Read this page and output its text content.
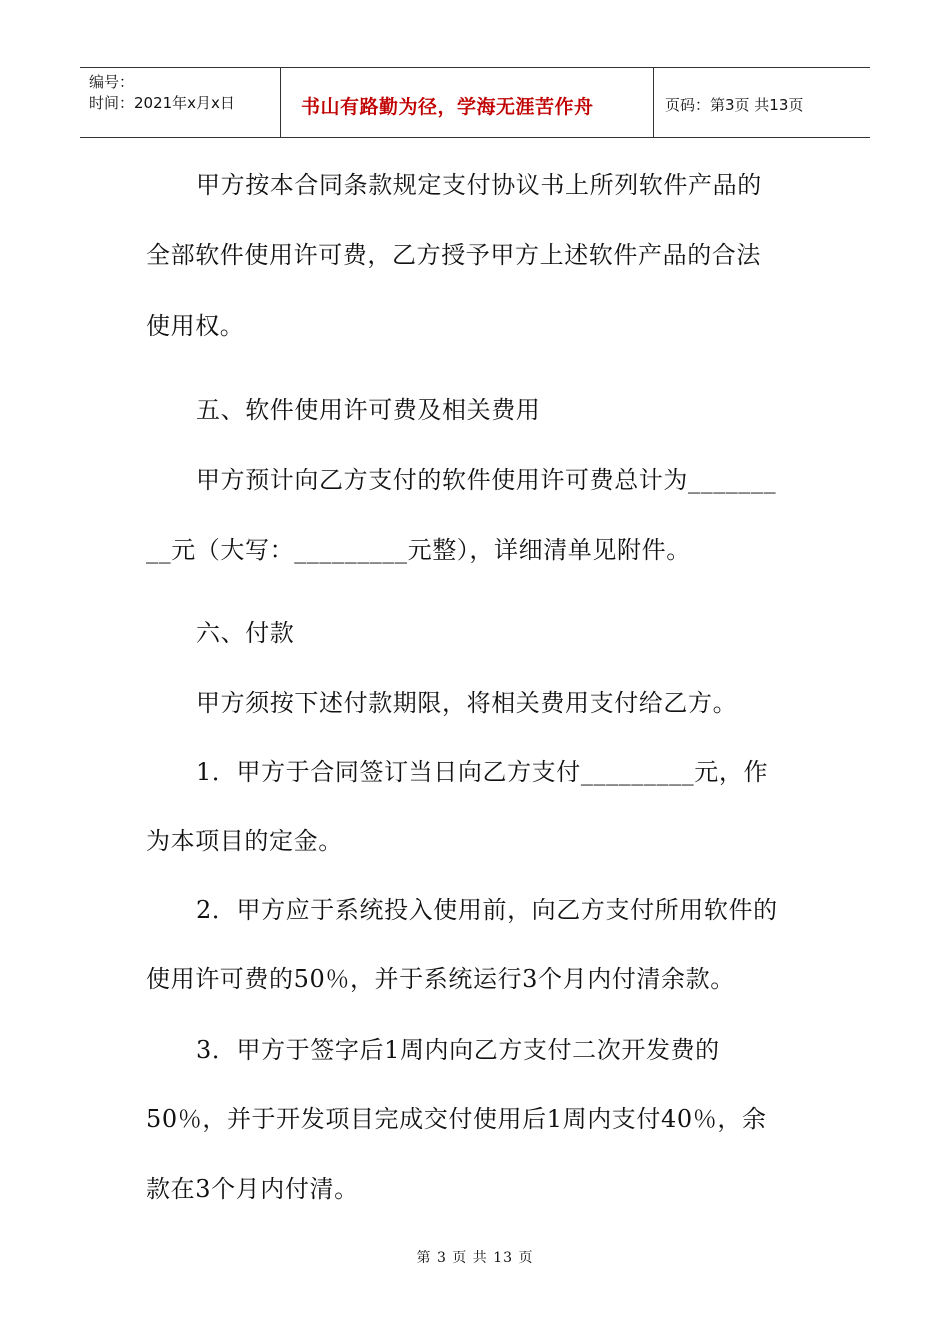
编号：
时间：2021年x月x日	书山有路勤为径，学海无涯苦作舟	页码：第3页 共13页
甲方按本合同条款规定支付协议书上所列软件产品的
全部软件使用许可费，乙方授予甲方上述软件产品的合法
使用权。
五、软件使用许可费及相关费用
甲方预计向乙方支付的软件使用许可费总计为_______
__元（大写：_________元整），详细清单见附件。
六、付款
甲方须按下述付款期限，将相关费用支付给乙方。
1．甲方于合同签订当日向乙方支付_________元，作
为本项目的定金。
2．甲方应于系统投入使用前，向乙方支付所用软件的
使用许可费的50％，并于系统运行3个月内付清余款。
3．甲方于签字后1周内向乙方支付二次开发费的
50％，并于开发项目完成交付使用后1周内支付40％，余
款在3个月内付清。
第 3 页 共 13 页
